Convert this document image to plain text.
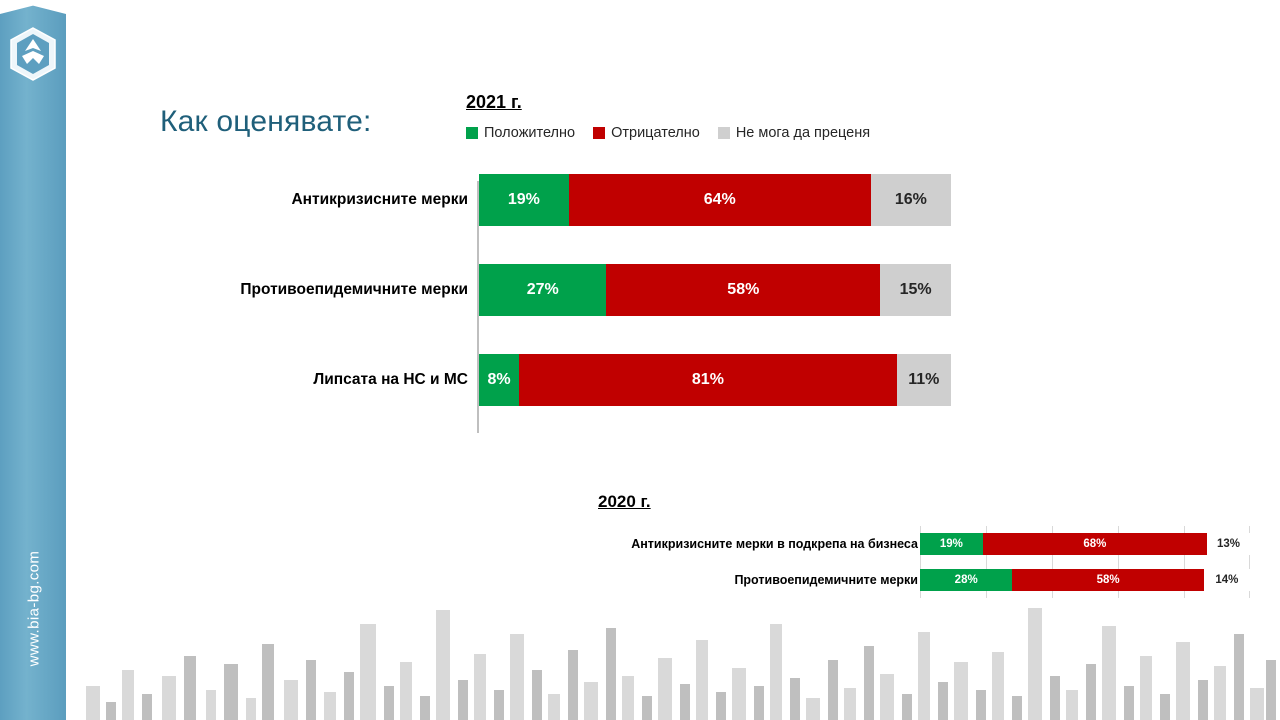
www.bia-bg.com
Как оценявате:
2021 г.
Положително Отрицателно Не мога да преценя
Антикризисните мерки	19%	64%	16%
Противоепидемичните мерки	27%	58%	15%
Липсата на НС и МС	8%	81%	11%
2020 г.
Антикризисните мерки в подкрепа на бизнеса	19%	68%	13%
Противоепидемичните мерки	28%	58%	14%
